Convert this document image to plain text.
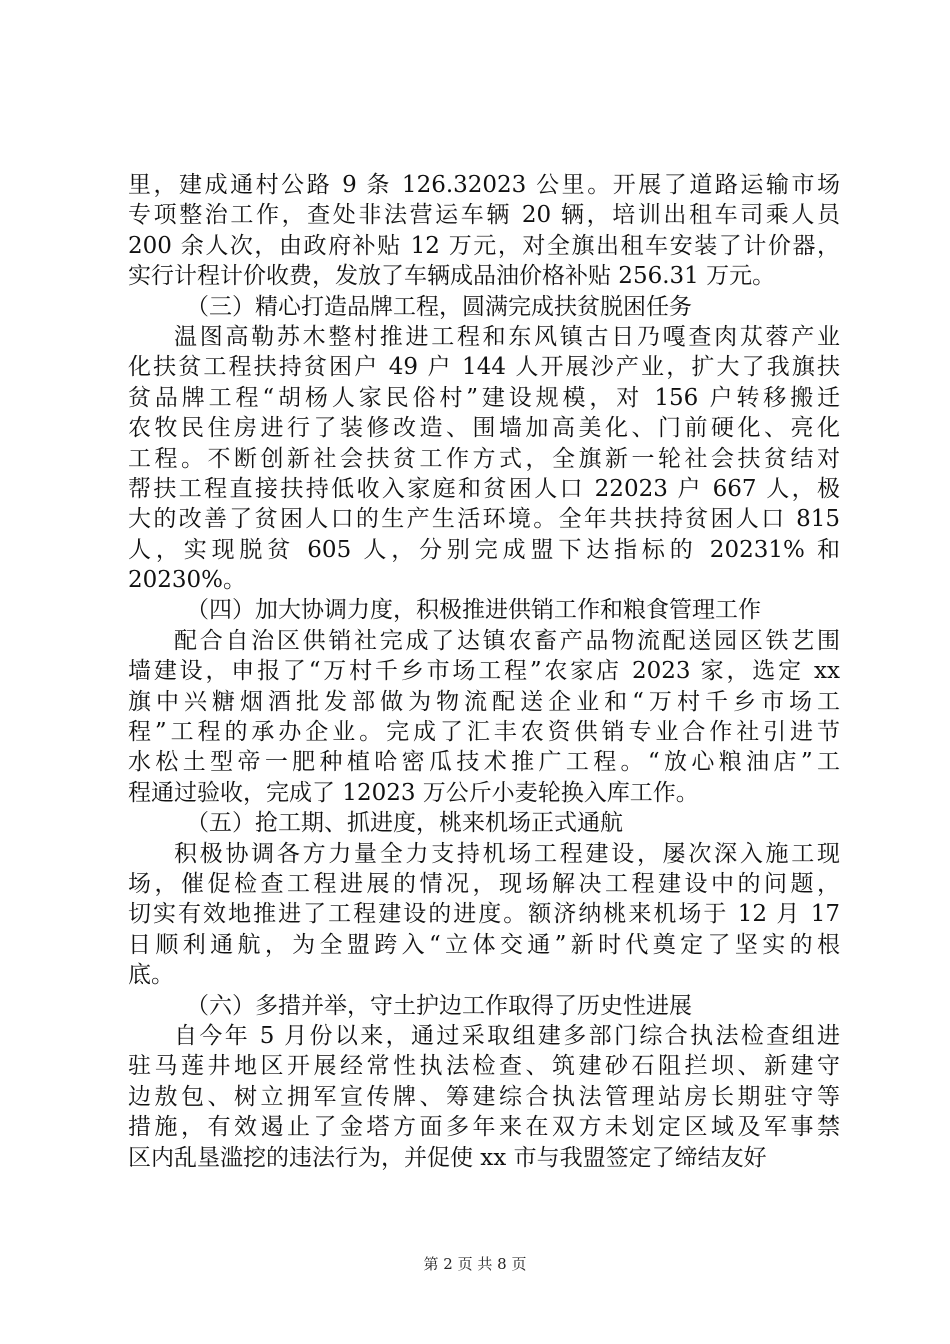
里，建成通村公路 9 条 126.32023 公里。开展了道路运输市场
专项整治工作，查处非法营运车辆 20 辆，培训出租车司乘人员
200 余人次，由政府补贴 12 万元，对全旗出租车安装了计价器，
实行计程计价收费，发放了车辆成品油价格补贴 256.31 万元。
（三）精心打造品牌工程，圆满完成扶贫脱困任务
温图高勒苏木整村推进工程和东风镇古日乃嘎查肉苁蓉产业
化扶贫工程扶持贫困户 49 户 144 人开展沙产业，扩大了我旗扶
贫品牌工程“胡杨人家民俗村”建设规模，对 156 户转移搬迁
农牧民住房进行了装修改造、围墙加高美化、门前硬化、亮化
工程。不断创新社会扶贫工作方式，全旗新一轮社会扶贫结对
帮扶工程直接扶持低收入家庭和贫困人口 22023 户 667 人，极
大的改善了贫困人口的生产生活环境。全年共扶持贫困人口 815
人，实现脱贫 605 人，分别完成盟下达指标的 20231% 和
20230%。
（四）加大协调力度，积极推进供销工作和粮食管理工作
配合自治区供销社完成了达镇农畜产品物流配送园区铁艺围
墙建设，申报了“万村千乡市场工程”农家店 2023 家，选定 xx
旗中兴糖烟酒批发部做为物流配送企业和“万村千乡市场工
程”工程的承办企业。完成了汇丰农资供销专业合作社引进节
水松土型帝一肥种植哈密瓜技术推广工程。“放心粮油店”工
程通过验收，完成了 12023 万公斤小麦轮换入库工作。
（五）抢工期、抓进度，桃来机场正式通航
积极协调各方力量全力支持机场工程建设，屡次深入施工现
场，催促检查工程进展的情况，现场解决工程建设中的问题，
切实有效地推进了工程建设的进度。额济纳桃来机场于 12 月 17
日顺利通航，为全盟跨入“立体交通”新时代奠定了坚实的根
底。
（六）多措并举，守土护边工作取得了历史性进展
自今年 5 月份以来，通过采取组建多部门综合执法检查组进
驻马莲井地区开展经常性执法检查、筑建砂石阻拦坝、新建守
边敖包、树立拥军宣传牌、筹建综合执法管理站房长期驻守等
措施，有效遏止了金塔方面多年来在双方未划定区域及军事禁
区内乱垦滥挖的违法行为，并促使 xx 市与我盟签定了缔结友好
第 2 页 共 8 页
